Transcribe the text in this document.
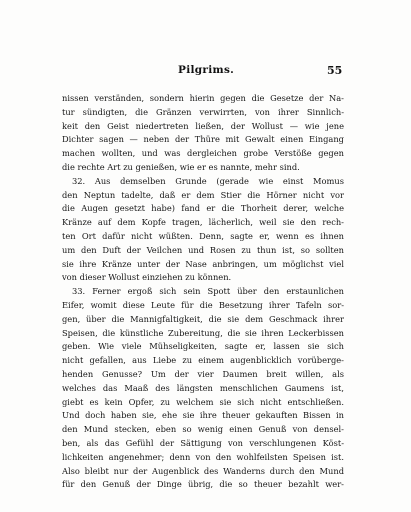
Pilgrims.	55
nissen verständen, sondern hierin gegen die Gesetze der Na-
tur sündigten, die Gränzen verwirrten, von ihrer Sinnlich-
keit den Geist niedertreten ließen, der Wollust — wie jene
Dichter sagen — neben der Thüre mit Gewalt einen Eingang
machen wollten, und was dergleichen grobe Verstöße gegen
die rechte Art zu genießen, wie er es nannte, mehr sind.
32. Aus demselben Grunde (gerade wie einst Momus
den Neptun tadelte, daß er dem Stier die Hörner nicht vor
die Augen gesetzt habe) fand er die Thorheit derer, welche
Kränze auf dem Kopfe tragen, lächerlich, weil sie den rech-
ten Ort dafür nicht wüßten. Denn, sagte er, wenn es ihnen
um den Duft der Veilchen und Rosen zu thun ist, so sollten
sie ihre Kränze unter der Nase anbringen, um möglichst viel
von dieser Wollust einziehen zu können.
33. Ferner ergoß sich sein Spott über den erstaunlichen
Eifer, womit diese Leute für die Besetzung ihrer Tafeln sor-
gen, über die Mannigfaltigkeit, die sie dem Geschmack ihrer
Speisen, die künstliche Zubereitung, die sie ihren Leckerbissen
geben. Wie viele Mühseligkeiten, sagte er, lassen sie sich
nicht gefallen, aus Liebe zu einem augenblicklich vorüberge-
henden Genusse? Um der vier Daumen breit willen, als
welches das Maaß des längsten menschlichen Gaumens ist,
giebt es kein Opfer, zu welchem sie sich nicht entschließen.
Und doch haben sie, ehe sie ihre theuer gekauften Bissen in
den Mund stecken, eben so wenig einen Genuß von densel-
ben, als das Gefühl der Sättigung von verschlungenen Köst-
lichkeiten angenehmer; denn von den wohlfeilsten Speisen ist.
Also bleibt nur der Augenblick des Wanderns durch den Mund
für den Genuß der Dinge übrig, die so theuer bezahlt wer-
